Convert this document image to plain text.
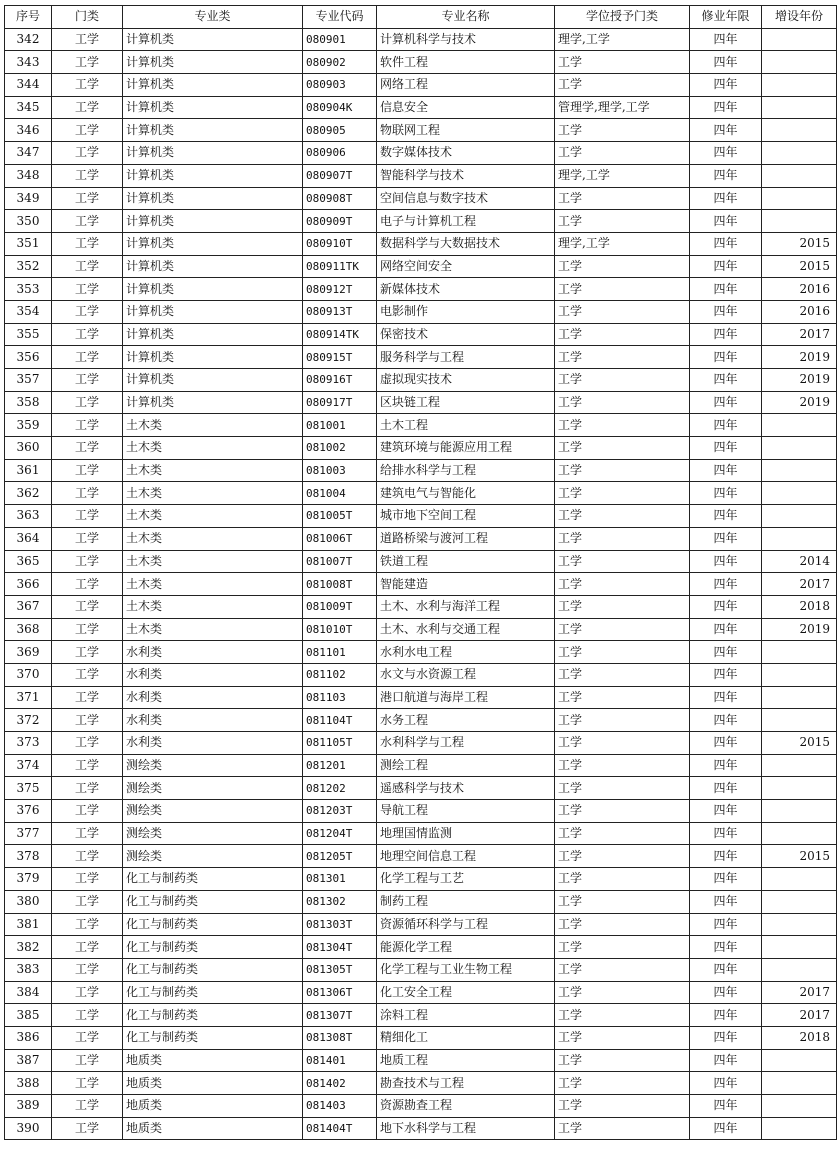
序号	门类	专业类	专业代码	专业名称	学位授予门类	修业年限	增设年份
342	工学	计算机类	080901	计算机科学与技术	理学,工学	四年	
343	工学	计算机类	080902	软件工程	工学	四年	
344	工学	计算机类	080903	网络工程	工学	四年	
345	工学	计算机类	080904K	信息安全	管理学,理学,工学	四年	
346	工学	计算机类	080905	物联网工程	工学	四年	
347	工学	计算机类	080906	数字媒体技术	工学	四年	
348	工学	计算机类	080907T	智能科学与技术	理学,工学	四年	
349	工学	计算机类	080908T	空间信息与数字技术	工学	四年	
350	工学	计算机类	080909T	电子与计算机工程	工学	四年	
351	工学	计算机类	080910T	数据科学与大数据技术	理学,工学	四年	2015
352	工学	计算机类	080911TK	网络空间安全	工学	四年	2015
353	工学	计算机类	080912T	新媒体技术	工学	四年	2016
354	工学	计算机类	080913T	电影制作	工学	四年	2016
355	工学	计算机类	080914TK	保密技术	工学	四年	2017
356	工学	计算机类	080915T	服务科学与工程	工学	四年	2019
357	工学	计算机类	080916T	虚拟现实技术	工学	四年	2019
358	工学	计算机类	080917T	区块链工程	工学	四年	2019
359	工学	土木类	081001	土木工程	工学	四年	
360	工学	土木类	081002	建筑环境与能源应用工程	工学	四年	
361	工学	土木类	081003	给排水科学与工程	工学	四年	
362	工学	土木类	081004	建筑电气与智能化	工学	四年	
363	工学	土木类	081005T	城市地下空间工程	工学	四年	
364	工学	土木类	081006T	道路桥梁与渡河工程	工学	四年	
365	工学	土木类	081007T	铁道工程	工学	四年	2014
366	工学	土木类	081008T	智能建造	工学	四年	2017
367	工学	土木类	081009T	土木、水利与海洋工程	工学	四年	2018
368	工学	土木类	081010T	土木、水利与交通工程	工学	四年	2019
369	工学	水利类	081101	水利水电工程	工学	四年	
370	工学	水利类	081102	水文与水资源工程	工学	四年	
371	工学	水利类	081103	港口航道与海岸工程	工学	四年	
372	工学	水利类	081104T	水务工程	工学	四年	
373	工学	水利类	081105T	水利科学与工程	工学	四年	2015
374	工学	测绘类	081201	测绘工程	工学	四年	
375	工学	测绘类	081202	遥感科学与技术	工学	四年	
376	工学	测绘类	081203T	导航工程	工学	四年	
377	工学	测绘类	081204T	地理国情监测	工学	四年	
378	工学	测绘类	081205T	地理空间信息工程	工学	四年	2015
379	工学	化工与制药类	081301	化学工程与工艺	工学	四年	
380	工学	化工与制药类	081302	制药工程	工学	四年	
381	工学	化工与制药类	081303T	资源循环科学与工程	工学	四年	
382	工学	化工与制药类	081304T	能源化学工程	工学	四年	
383	工学	化工与制药类	081305T	化学工程与工业生物工程	工学	四年	
384	工学	化工与制药类	081306T	化工安全工程	工学	四年	2017
385	工学	化工与制药类	081307T	涂料工程	工学	四年	2017
386	工学	化工与制药类	081308T	精细化工	工学	四年	2018
387	工学	地质类	081401	地质工程	工学	四年	
388	工学	地质类	081402	勘查技术与工程	工学	四年	
389	工学	地质类	081403	资源勘查工程	工学	四年	
390	工学	地质类	081404T	地下水科学与工程	工学	四年	
